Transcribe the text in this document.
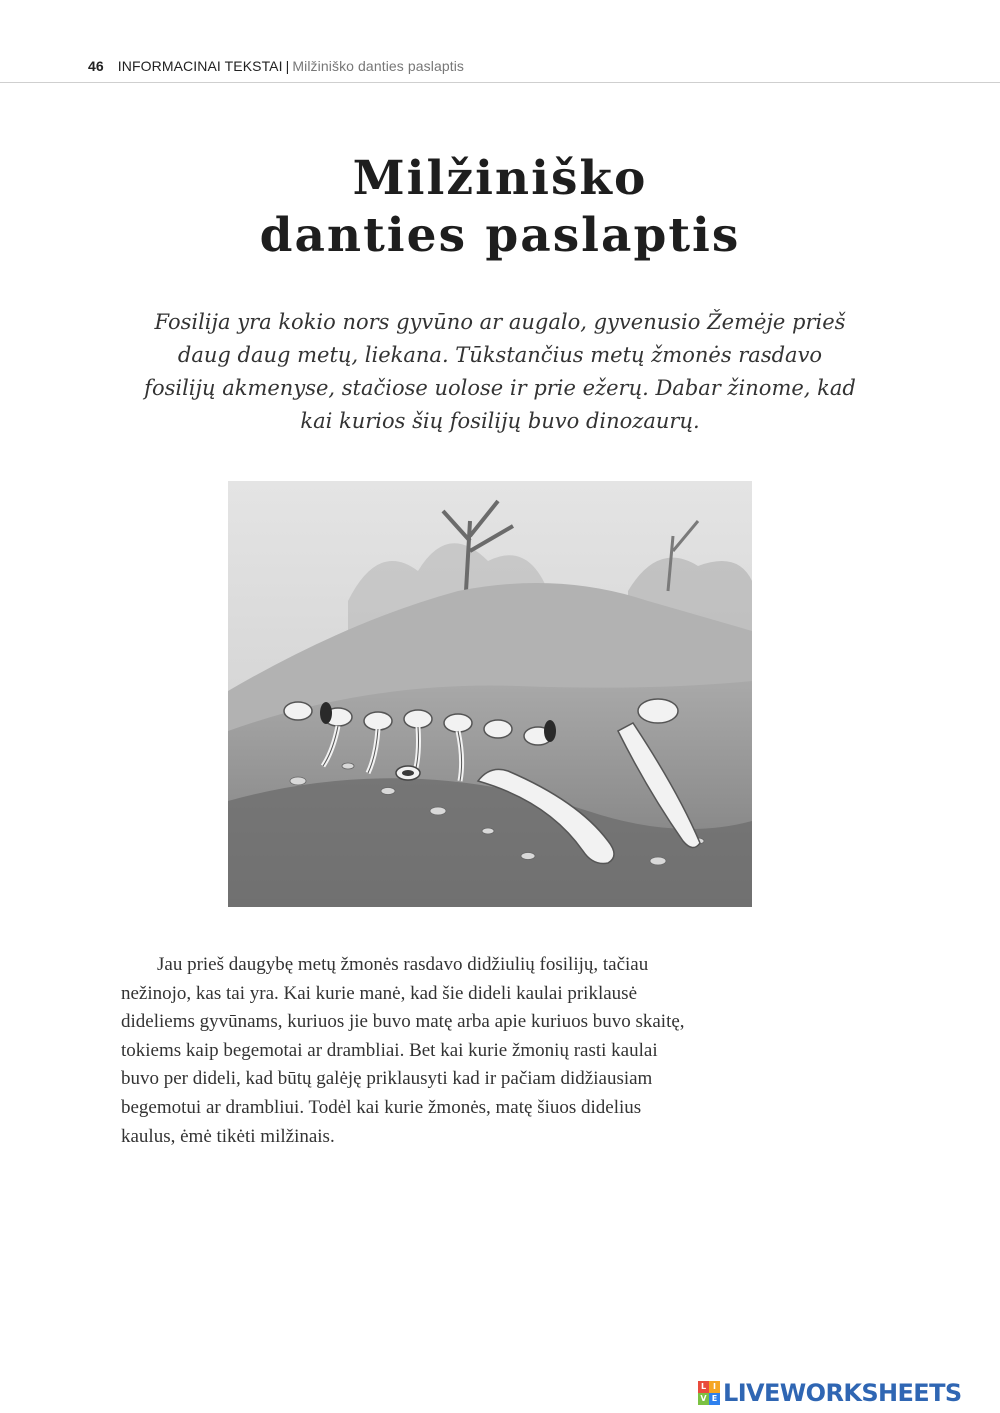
46 INFORMACINAI TEKSTAI | Milžiniško danties paslaptis
Milžiniško
danties paslaptis

Fosilija yra kokio nors gyvūno ar augalo, gyvenusio Žemėje prieš
daug daug metų, liekana. Tūkstančius metų žmonės rasdavo
fosilijų akmenyse, stačiose uolose ir prie ežerų. Dabar žinome, kad
kai kurios šių fosilijų buvo dinozaurų.

Jau prieš daugybę metų žmonės rasdavo didžiulių fosilijų, tačiau
nežinojo, kas tai yra. Kai kurie manė, kad šie dideli kaulai priklausė
dideliems gyvūnams, kuriuos jie buvo matę arba apie kuriuos buvo skaitę,
tokiems kaip begemotai ar drambliai. Bet kai kurie žmonių rasti kaulai
buvo per dideli, kad būtų galėję priklausyti kad ir pačiam didžiausiam
begemotui ar drambliui. Todėl kai kurie žmonės, matę šiuos didelius
kaulus, ėmė tikėti milžinais.

L I
V E LIVEWORKSHEETS
